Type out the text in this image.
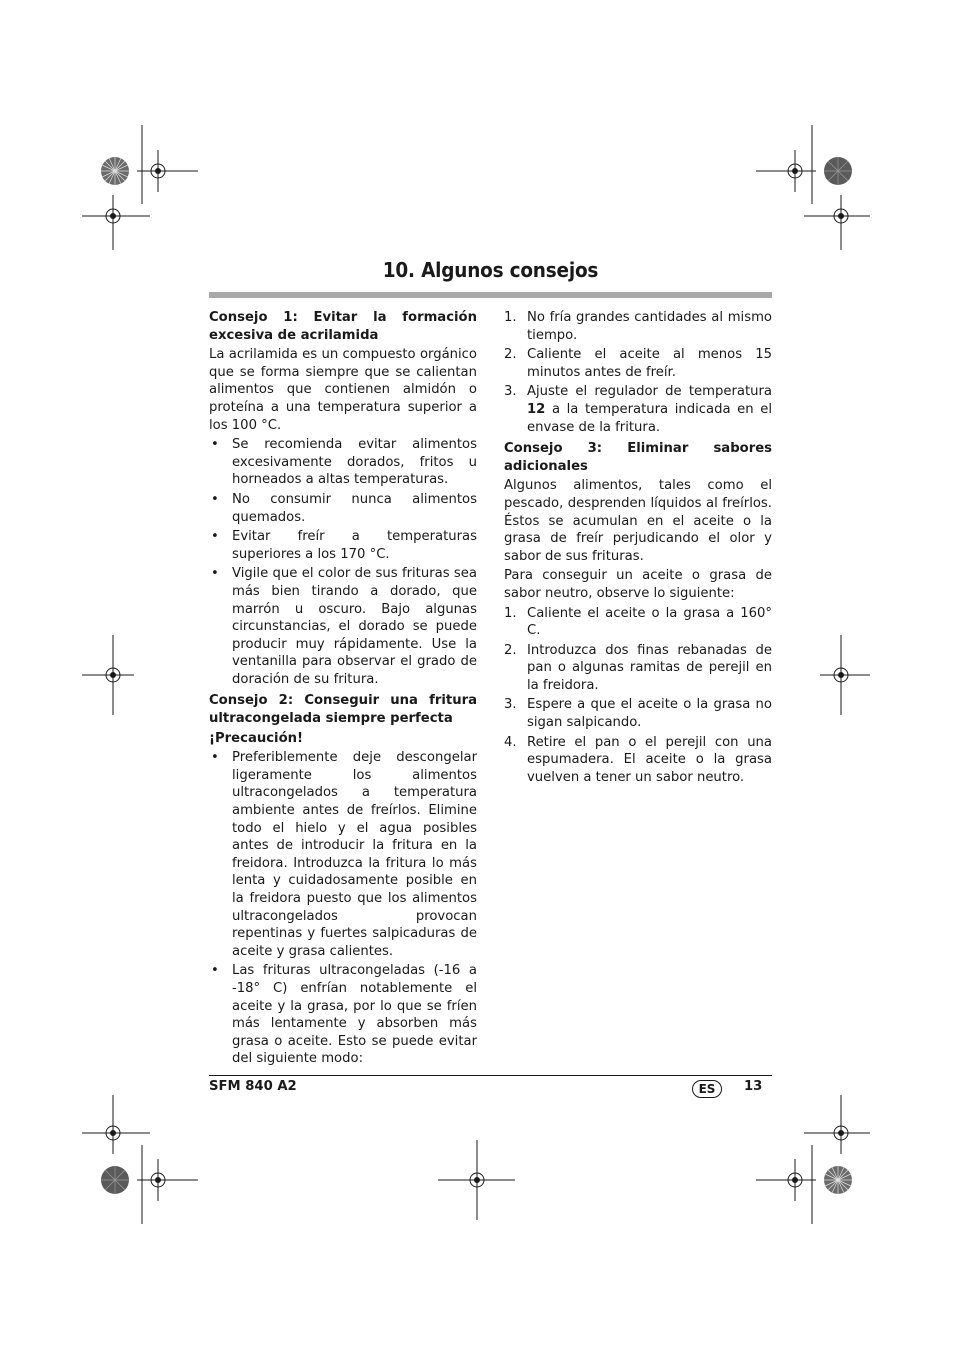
10. Algunos consejos
Consejo 1: Evitar la formación excesiva de acrilamida
La acrilamida es un compuesto orgánico que se forma siempre que se calientan alimentos que contienen almidón o proteína a una temperatura superior a los 100 °C.
• Se recomienda evitar alimentos excesivamente dorados, fritos u horneados a altas temperaturas.
• No consumir nunca alimentos quemados.
• Evitar freír a temperaturas superiores a los 170 °C.
• Vigile que el color de sus frituras sea más bien tirando a dorado, que marrón u oscuro. Bajo algunas circunstancias, el dorado se puede producir muy rápidamente. Use la ventanilla para observar el grado de doración de su fritura.
Consejo 2: Conseguir una fritura ultracongelada siempre perfecta
¡Precaución!
• Preferiblemente deje descongelar ligeramente los alimentos ultracongelados a temperatura ambiente antes de freírlos. Elimine todo el hielo y el agua posibles antes de introducir la fritura en la freidora. Introduzca la fritura lo más lenta y cuidadosamente posible en la freidora puesto que los alimentos ultracongelados provocan repentinas y fuertes salpicaduras de aceite y grasa calientes.
• Las frituras ultracongeladas (-16 a -18° C) enfrían notablemente el aceite y la grasa, por lo que se fríen más lentamente y absorben más grasa o aceite. Esto se puede evitar del siguiente modo:
1. No fría grandes cantidades al mismo tiempo.
2. Caliente el aceite al menos 15 minutos antes de freír.
3. Ajuste el regulador de temperatura 12 a la temperatura indicada en el envase de la fritura.
Consejo 3: Eliminar sabores adicionales
Algunos alimentos, tales como el pescado, desprenden líquidos al freírlos. Éstos se acumulan en el aceite o la grasa de freír perjudicando el olor y sabor de sus frituras.
Para conseguir un aceite o grasa de sabor neutro, observe lo siguiente:
1. Caliente el aceite o la grasa a 160° C.
2. Introduzca dos finas rebanadas de pan o algunas ramitas de perejil en la freidora.
3. Espere a que el aceite o la grasa no sigan salpicando.
4. Retire el pan o el perejil con una espumadera. El aceite o la grasa vuelven a tener un sabor neutro.
SFM 840 A2	ES	13
